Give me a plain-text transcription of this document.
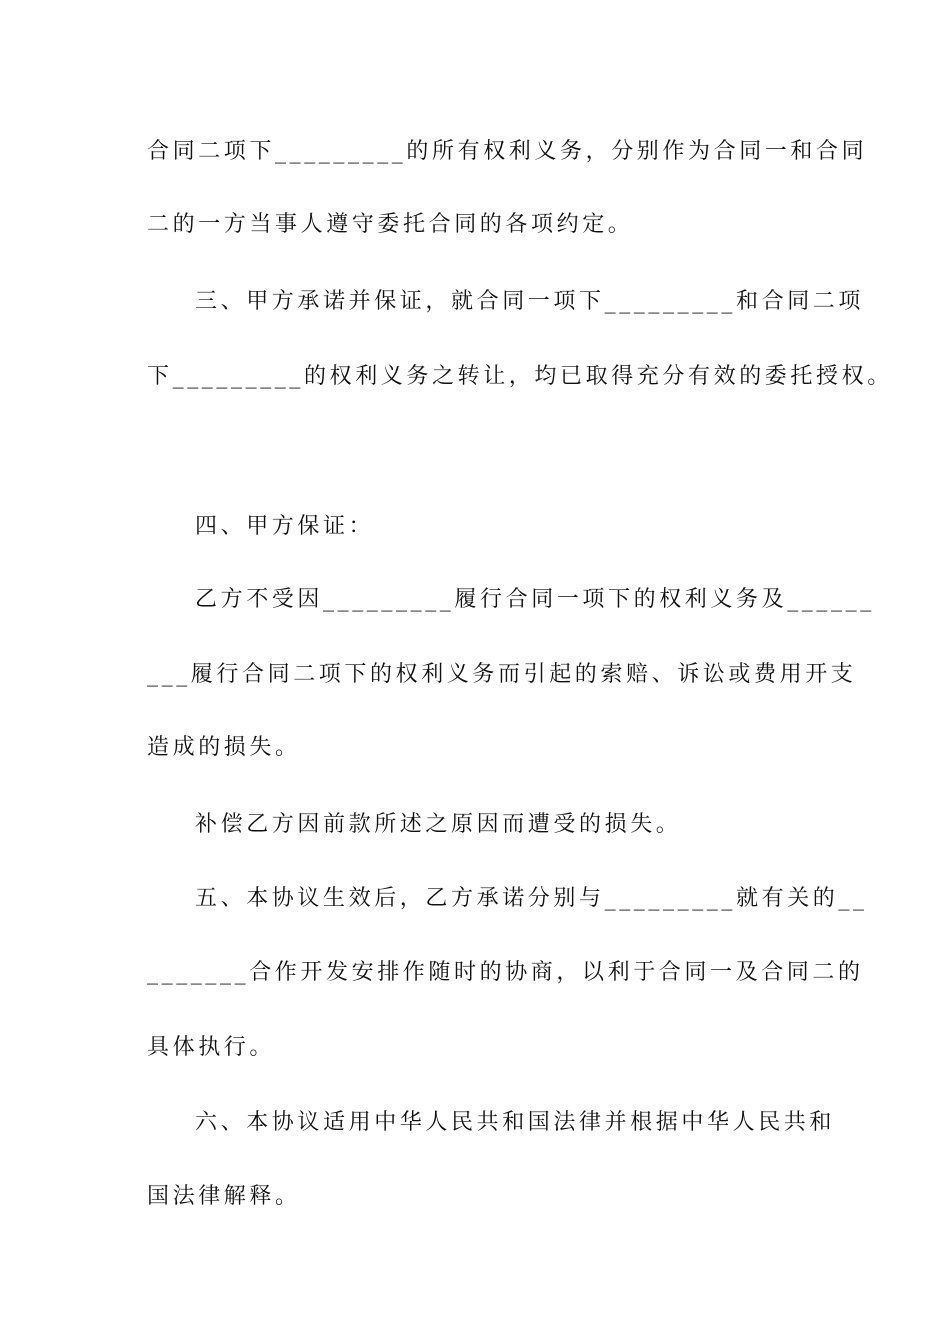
合同二项下_________的所有权利义务，分别作为合同一和合同
二的一方当事人遵守委托合同的各项约定。
三、甲方承诺并保证，就合同一项下_________和合同二项
下_________的权利义务之转让，均已取得充分有效的委托授权。
四、甲方保证：
乙方不受因_________履行合同一项下的权利义务及______
___履行合同二项下的权利义务而引起的索赔、诉讼或费用开支
造成的损失。
补偿乙方因前款所述之原因而遭受的损失。
五、本协议生效后，乙方承诺分别与_________就有关的__
_______合作开发安排作随时的协商，以利于合同一及合同二的
具体执行。
六、本协议适用中华人民共和国法律并根据中华人民共和
国法律解释。
